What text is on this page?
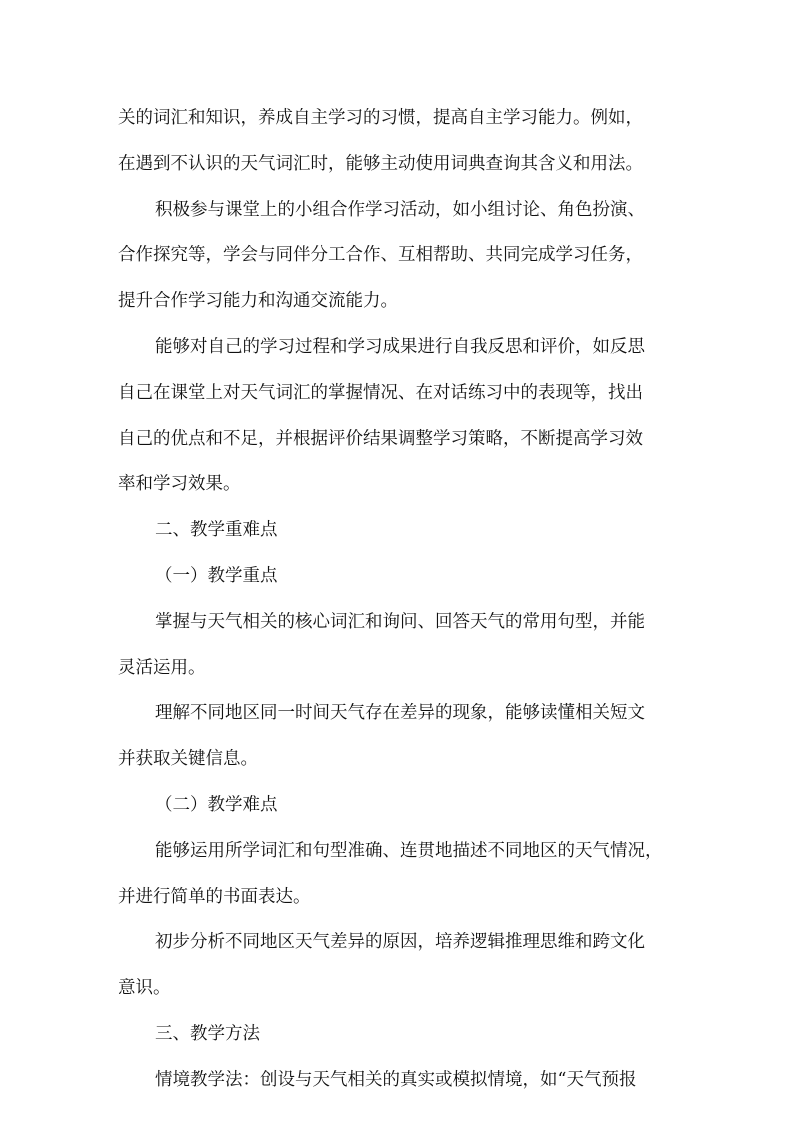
关的词汇和知识，养成自主学习的习惯，提高自主学习能力。例如，
在遇到不认识的天气词汇时，能够主动使用词典查询其含义和用法。
积极参与课堂上的小组合作学习活动，如小组讨论、角色扮演、
合作探究等，学会与同伴分工合作、互相帮助、共同完成学习任务，
提升合作学习能力和沟通交流能力。
能够对自己的学习过程和学习成果进行自我反思和评价，如反思
自己在课堂上对天气词汇的掌握情况、在对话练习中的表现等，找出
自己的优点和不足，并根据评价结果调整学习策略，不断提高学习效
率和学习效果。
二、教学重难点
（一）教学重点
掌握与天气相关的核心词汇和询问、回答天气的常用句型，并能
灵活运用。
理解不同地区同一时间天气存在差异的现象，能够读懂相关短文
并获取关键信息。
（二）教学难点
能够运用所学词汇和句型准确、连贯地描述不同地区的天气情况，
并进行简单的书面表达。
初步分析不同地区天气差异的原因，培养逻辑推理思维和跨文化
意识。
三、教学方法
情境教学法：创设与天气相关的真实或模拟情境，如“天气预报
